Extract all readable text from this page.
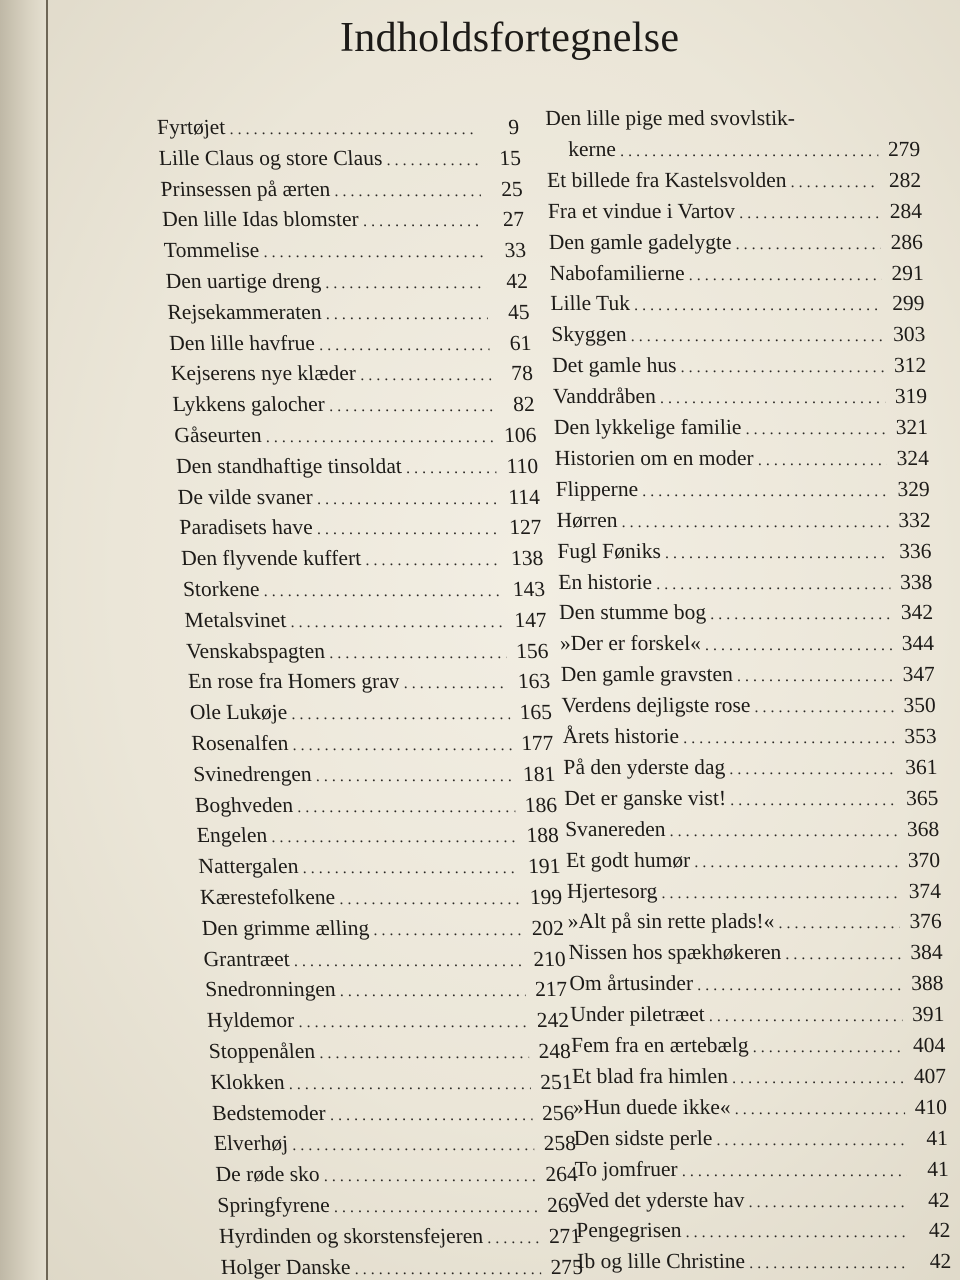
Indholdsfortegnelse
Fyrtøjet . . .	9
Lille Claus og store Claus . . .	15
Prinsessen på ærten . . .	25
Den lille Idas blomster . . .	27
Tommelise . . .	33
Den uartige dreng . . .	42
Rejsekammeraten . . .	45
Den lille havfrue . . .	61
Kejserens nye klæder . . .	78
Lykkens galocher . . .	82
Gåseurten . . .	106
Den standhaftige tinsoldat . . .	110
De vilde svaner . . .	114
Paradisets have . . .	127
Den flyvende kuffert . . .	138
Storkene . . .	143
Metalsvinet . . .	147
Venskabspagten . . .	156
En rose fra Homers grav . . .	163
Ole Lukøje . . .	165
Rosenalfen . . .	177
Svinedrengen . . .	181
Boghveden . . .	186
Engelen . . .	188
Nattergalen . . .	191
Kærestefolkene . . .	199
Den grimme ælling . . .	202
Grantræet . . .	210
Snedronningen . . .	217
Hyldemor . . .	242
Stoppenålen . . .	248
Klokken . . .	251
Bedstemoder . . .	256
Elverhøj . . .	258
De røde sko . . .	264
Springfyrene . . .	269
Hyrdinden og skorstensfejeren . . .	271
Holger Danske . . .	275
Den lille pige med svovlstik-
kerne . . .	279
Et billede fra Kastelsvolden . . .	282
Fra et vindue i Vartov . . .	284
Den gamle gadelygte . . .	286
Nabofamilierne . . .	291
Lille Tuk . . .	299
Skyggen . . .	303
Det gamle hus . . .	312
Vanddråben . . .	319
Den lykkelige familie . . .	321
Historien om en moder . . .	324
Flipperne . . .	329
Hørren . . .	332
Fugl Føniks . . .	336
En historie . . .	338
Den stumme bog . . .	342
»Der er forskel« . . .	344
Den gamle gravsten . . .	347
Verdens dejligste rose . . .	350
Årets historie . . .	353
På den yderste dag . . .	361
Det er ganske vist! . . .	365
Svanereden . . .	368
Et godt humør . . .	370
Hjertesorg . . .	374
»Alt på sin rette plads!« . . .	376
Nissen hos spækhøkeren . . .	384
Om årtusinder . . .	388
Under piletræet . . .	391
Fem fra en ærtebælg . . .	404
Et blad fra himlen . . .	407
»Hun duede ikke« . . .	410
Den sidste perle . . .	41
To jomfruer . . .	41
Ved det yderste hav . . .	42
Pengegrisen . . .	42
Ib og lille Christine . . .	42
